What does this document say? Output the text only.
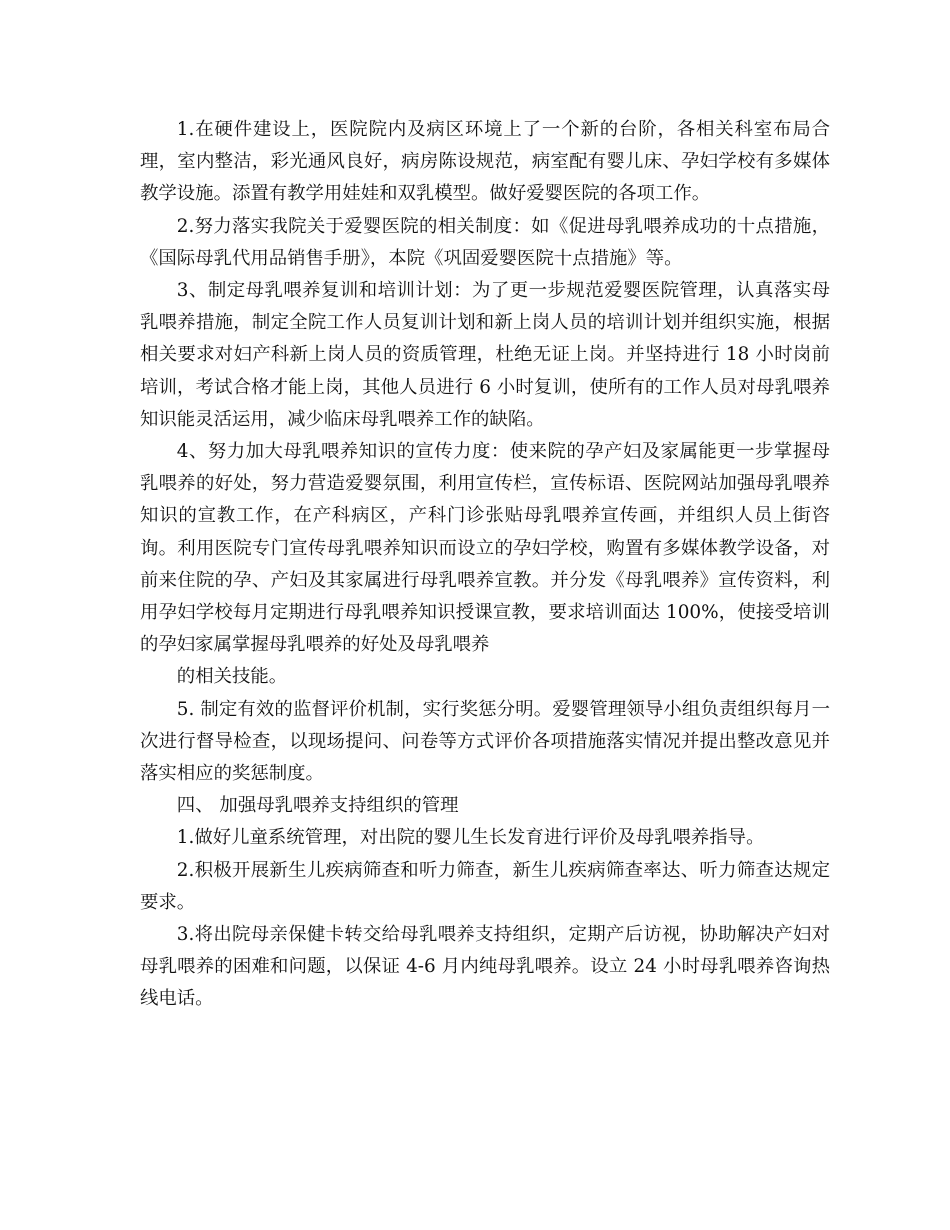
1.在硬件建设上，医院院内及病区环境上了一个新的台阶，各相关科室布局合理，室内整洁，彩光通风良好，病房陈设规范，病室配有婴儿床、孕妇学校有多媒体教学设施。添置有教学用娃娃和双乳模型。做好爱婴医院的各项工作。

2.努力落实我院关于爱婴医院的相关制度：如《促进母乳喂养成功的十点措施，《国际母乳代用品销售手册》，本院《巩固爱婴医院十点措施》等。

3、制定母乳喂养复训和培训计划：为了更一步规范爱婴医院管理，认真落实母乳喂养措施，制定全院工作人员复训计划和新上岗人员的培训计划并组织实施，根据相关要求对妇产科新上岗人员的资质管理，杜绝无证上岗。并坚持进行 18 小时岗前培训，考试合格才能上岗，其他人员进行 6 小时复训，使所有的工作人员对母乳喂养知识能灵活运用，减少临床母乳喂养工作的缺陷。

4、努力加大母乳喂养知识的宣传力度：使来院的孕产妇及家属能更一步掌握母乳喂养的好处，努力营造爱婴氛围，利用宣传栏，宣传标语、医院网站加强母乳喂养知识的宣教工作，在产科病区，产科门诊张贴母乳喂养宣传画，并组织人员上街咨询。利用医院专门宣传母乳喂养知识而设立的孕妇学校，购置有多媒体教学设备，对前来住院的孕、产妇及其家属进行母乳喂养宣教。并分发《母乳喂养》宣传资料，利用孕妇学校每月定期进行母乳喂养知识授课宣教，要求培训面达 100%，使接受培训的孕妇家属掌握母乳喂养的好处及母乳喂养

的相关技能。

5. 制定有效的监督评价机制，实行奖惩分明。爱婴管理领导小组负责组织每月一次进行督导检查，以现场提问、问卷等方式评价各项措施落实情况并提出整改意见并落实相应的奖惩制度。

四、 加强母乳喂养支持组织的管理

1.做好儿童系统管理，对出院的婴儿生长发育进行评价及母乳喂养指导。

2.积极开展新生儿疾病筛查和听力筛查，新生儿疾病筛查率达、听力筛查达规定要求。

3.将出院母亲保健卡转交给母乳喂养支持组织，定期产后访视，协助解决产妇对母乳喂养的困难和问题，以保证 4-6 月内纯母乳喂养。设立 24 小时母乳喂养咨询热线电话。
